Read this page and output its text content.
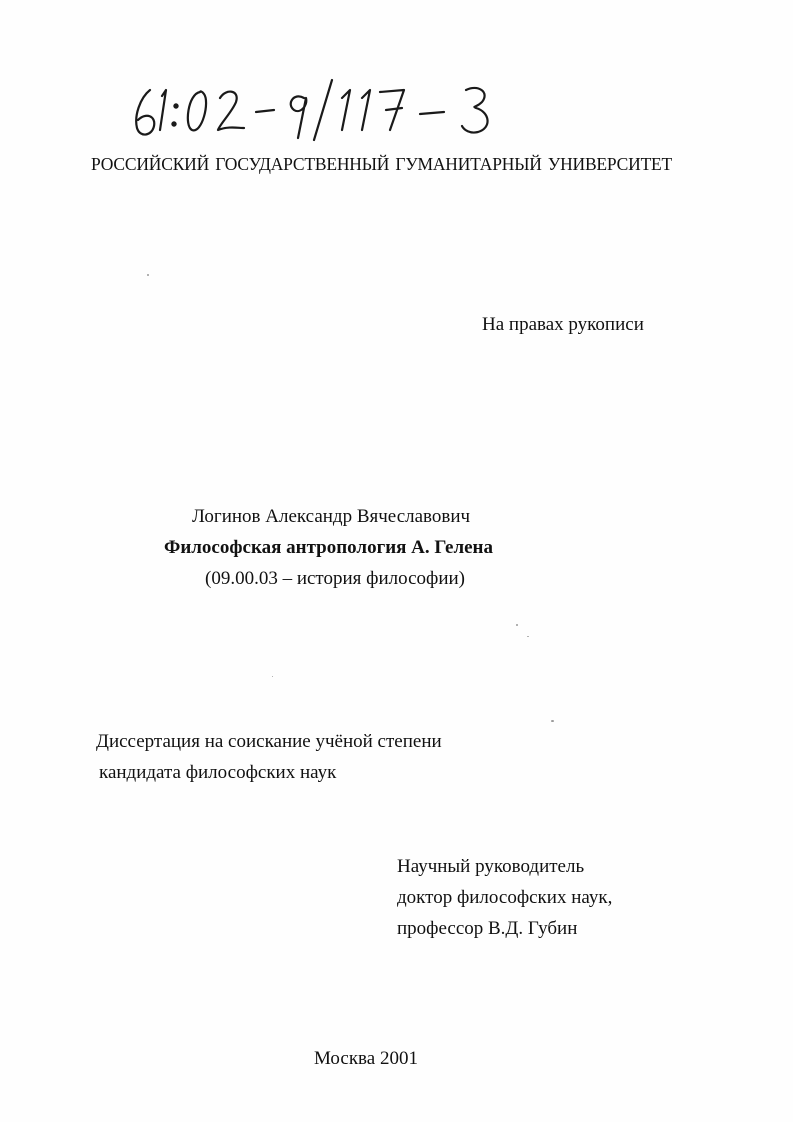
РОССИЙСКИЙ ГОСУДАРСТВЕННЫЙ ГУМАНИТАРНЫЙ УНИВЕРСИТЕТ
На правах рукописи
Логинов Александр Вячеславович
Философская антропология А. Гелена
(09.00.03 – история философии)
Диссертация на соискание учёной степени
кандидата философских наук
Научный руководитель
доктор философских наук,
профессор В.Д. Губин
Москва 2001
